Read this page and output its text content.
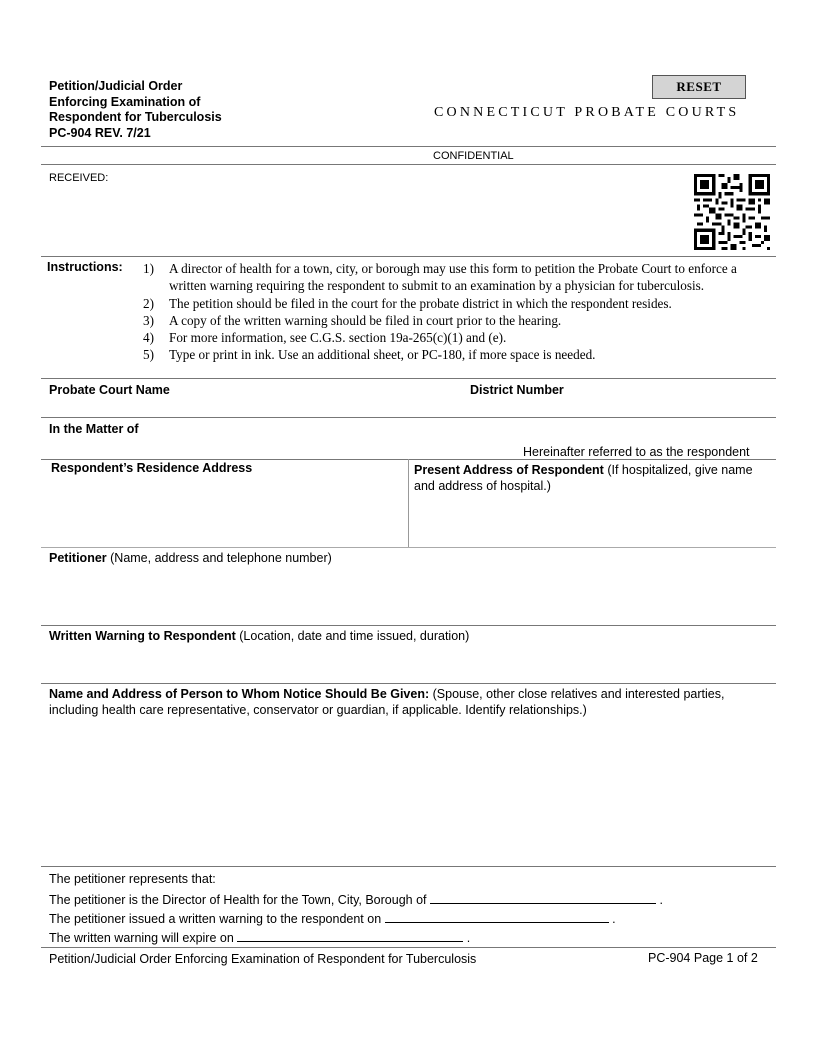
Petition/Judicial Order
Enforcing Examination of
Respondent for Tuberculosis
PC-904 REV. 7/21
RESET
CONNECTICUT PROBATE COURTS
CONFIDENTIAL
RECEIVED:
Instructions:	1) A director of health for a town, city, or borough may use this form to petition the Probate Court to enforce a written warning requiring the respondent to submit to an examination by a physician for tuberculosis.
2) The petition should be filed in the court for the probate district in which the respondent resides.
3) A copy of the written warning should be filed in court prior to the hearing.
4) For more information, see C.G.S. section 19a-265(c)(1) and (e).
5) Type or print in ink. Use an additional sheet, or PC-180, if more space is needed.
Probate Court Name	District Number
In the Matter of
Hereinafter referred to as the respondent
Respondent’s Residence Address	Present Address of Respondent (If hospitalized, give name and address of hospital.)
Petitioner (Name, address and telephone number)
Written Warning to Respondent (Location, date and time issued, duration)
Name and Address of Person to Whom Notice Should Be Given: (Spouse, other close relatives and interested parties, including health care representative, conservator or guardian, if applicable. Identify relationships.)
The petitioner represents that:
The petitioner is the Director of Health for the Town, City, Borough of	.
The petitioner issued a written warning to the respondent on	.
The written warning will expire on	.
Petition/Judicial Order Enforcing Examination of Respondent for Tuberculosis	PC-904 Page 1 of 2
